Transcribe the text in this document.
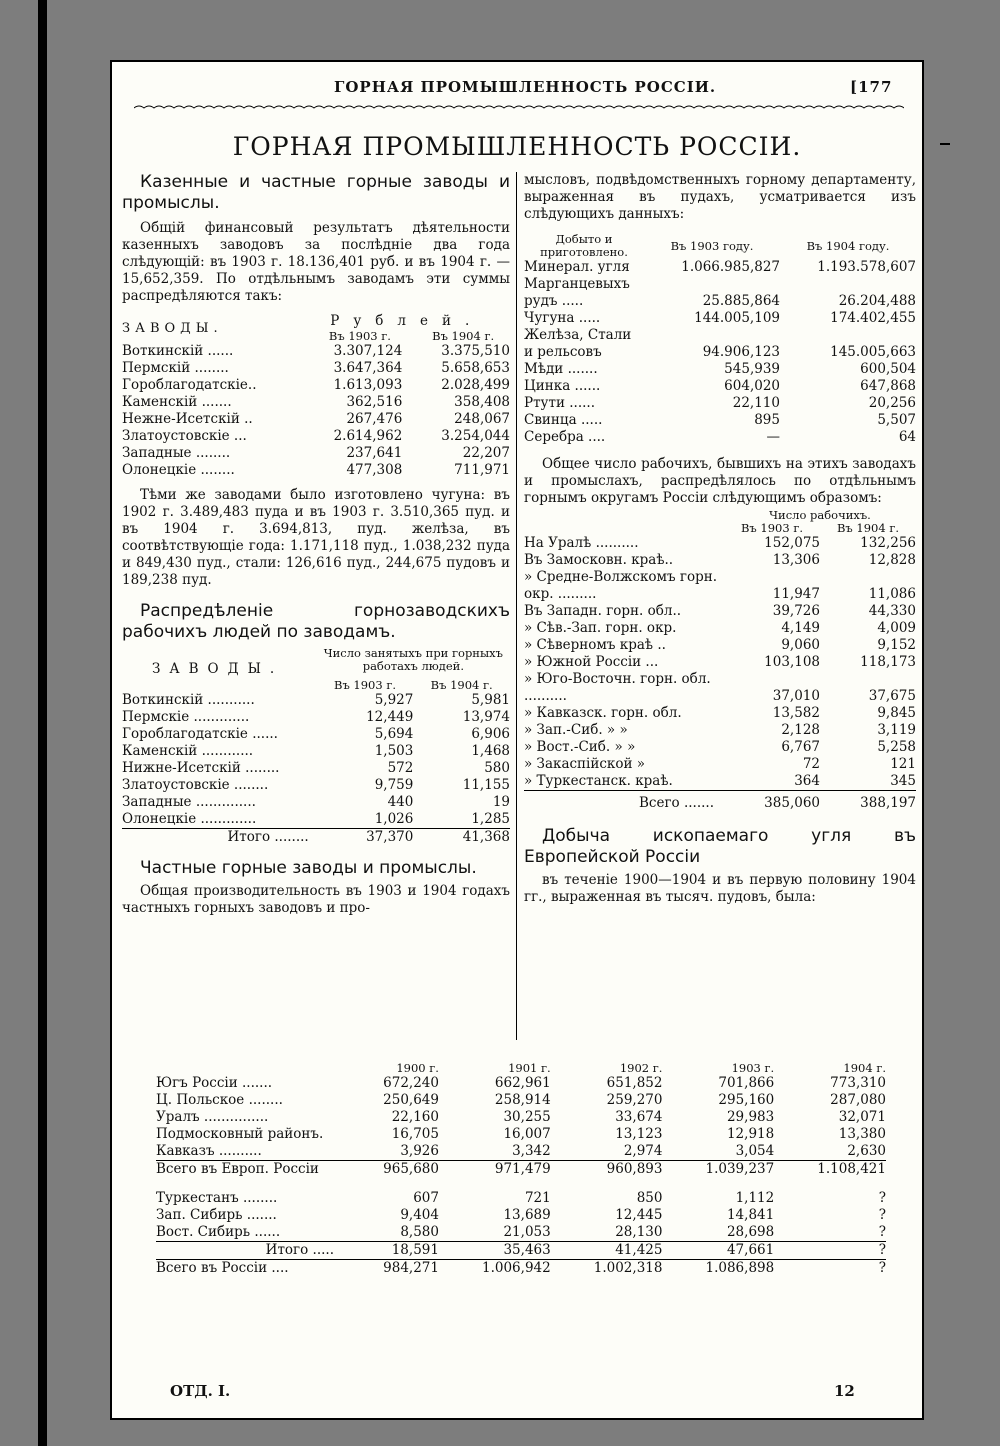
ГОРНАЯ ПРОМЫШЛЕННОСТЬ РОССІИ.	[177
ГОРНАЯ ПРОМЫШЛЕННОСТЬ РОССІИ.

Казенные и частные горные заводы и промыслы.

Общій финансовый результатъ дѣятельности казенныхъ заводовъ за послѣдніе два года слѣдующій: въ 1903 г. 18.136,401 руб. и въ 1904 г. —15,652,359. По отдѣльнымъ заводамъ эти суммы распредѣляются такъ:

ЗАВОДЫ.	Рублей.	
	Въ 1903 г.	Въ 1904 г.
Воткинскій ......	3.307,124	3.375,510
Пермскій ........	3.647,364	5.658,653
Гороблагодатскіе..	1.613,093	2.028,499
Каменскій .......	362,516	358,408
Нежне-Исетскій ..	267,476	248,067
Златоустовскіе ...	2.614,962	3.254,044
Западные ........	237,641	22,207
Олонецкіе ........	477,308	711,971

Тѣми же заводами было изготовлено чугуна: въ 1902 г. 3.489,483 пуда и въ 1903 г. 3.510,365 пуд. и въ 1904 г. 3.694,813, пуд. желѣза, въ соотвѣтствующіе года: 1.171,118 пуд., 1.038,232 пуда и 849,430 пуд., стали: 126,616 пуд., 244,675 пудовъ и 189,238 пуд.

Распредѣленіе горнозаводскихъ рабочихъ людей по заводамъ.

ЗАВОДЫ.	Число занятыхъ при горныхъ работахъ людей.	
	Въ 1903 г.	Въ 1904 г.
Воткинскій ...........	5,927	5,981
Пермскіе .............	12,449	13,974
Гороблагодатскіе ......	5,694	6,906
Каменскій ............	1,503	1,468
Нижне-Исетскій ........	572	580
Златоустовскіе ........	9,759	11,155
Западные ..............	440	19
Олонецкіе .............	1,026	1,285
Итого ........	37,370	41,368

Частные горные заводы и промыслы.

Общая производительность въ 1903 и 1904 годахъ частныхъ горныхъ заводовъ и про-

мысловъ, подвѣдомственныхъ горному департаменту, выраженная въ пудахъ, усматривается изъ слѣдующихъ данныхъ:

Добыто и приготовлено.	Въ 1903 году.	Въ 1904 году.
Минерал. угля	1.066.985,827	1.193.578,607
Марганцевыхъ рудъ .....	25.885,864	26.204,488
Чугуна .....	144.005,109	174.402,455
Желѣза, Стали и рельсовъ	94.906,123	145.005,663
Мѣди .......	545,939	600,504
Цинка ......	604,020	647,868
Ртути ......	22,110	20,256
Свинца .....	895	5,507
Серебра ....	—	64

Общее число рабочихъ, бывшихъ на этихъ заводахъ и промыслахъ, распредѣлялось по отдѣльнымъ горнымъ округамъ Россіи слѣдующимъ образомъ:

	Число рабочихъ.	
	Въ 1903 г.	Въ 1904 г.
На Уралѣ ..........	152,075	132,256
Въ Замосковн. краѣ..	13,306	12,828
» Средне-Волжскомъ горн. окр. .........	11,947	11,086
Въ Западн. горн. обл..	39,726	44,330
» Сѣв.-Зап. горн. окр.	4,149	4,009
» Сѣверномъ краѣ ..	9,060	9,152
» Южной Россіи ...	103,108	118,173
» Юго-Восточн. горн. обл. ..........	37,010	37,675
» Кавказск. горн. обл.	13,582	9,845
» Зап.-Сиб. » »	2,128	3,119
» Вост.-Сиб. » »	6,767	5,258
» Закаспійской »	72	121
» Туркестанск. краѣ.	364	345
Всего .......	385,060	388,197

Добыча ископаемаго угля въ Европейской Россіи

въ теченіе 1900—1904 и въ первую половину 1904 гг., выраженная въ тысяч. пудовъ, была:

	1900 г.	1901 г.	1902 г.	1903 г.	1904 г.
Югъ Россіи .......	672,240	662,961	651,852	701,866	773,310
Ц. Польское ........	250,649	258,914	259,270	295,160	287,080
Уралъ ...............	22,160	30,255	33,674	29,983	32,071
Подмосковный районъ.	16,705	16,007	13,123	12,918	13,380
Кавказъ ..........	3,926	3,342	2,974	3,054	2,630
Всего въ Европ. Россіи	965,680	971,479	960,893	1.039,237	1.108,421

Туркестанъ ........	607	721	850	1,112	?
Зап. Сибирь .......	9,404	13,689	12,445	14,841	?
Вост. Сибирь ......	8,580	21,053	28,130	28,698	?
Итого .....	18,591	35,463	41,425	47,661	?
Всего въ Россіи ....	984,271	1.006,942	1.002,318	1.086,898	?
ОТД. I.	12
